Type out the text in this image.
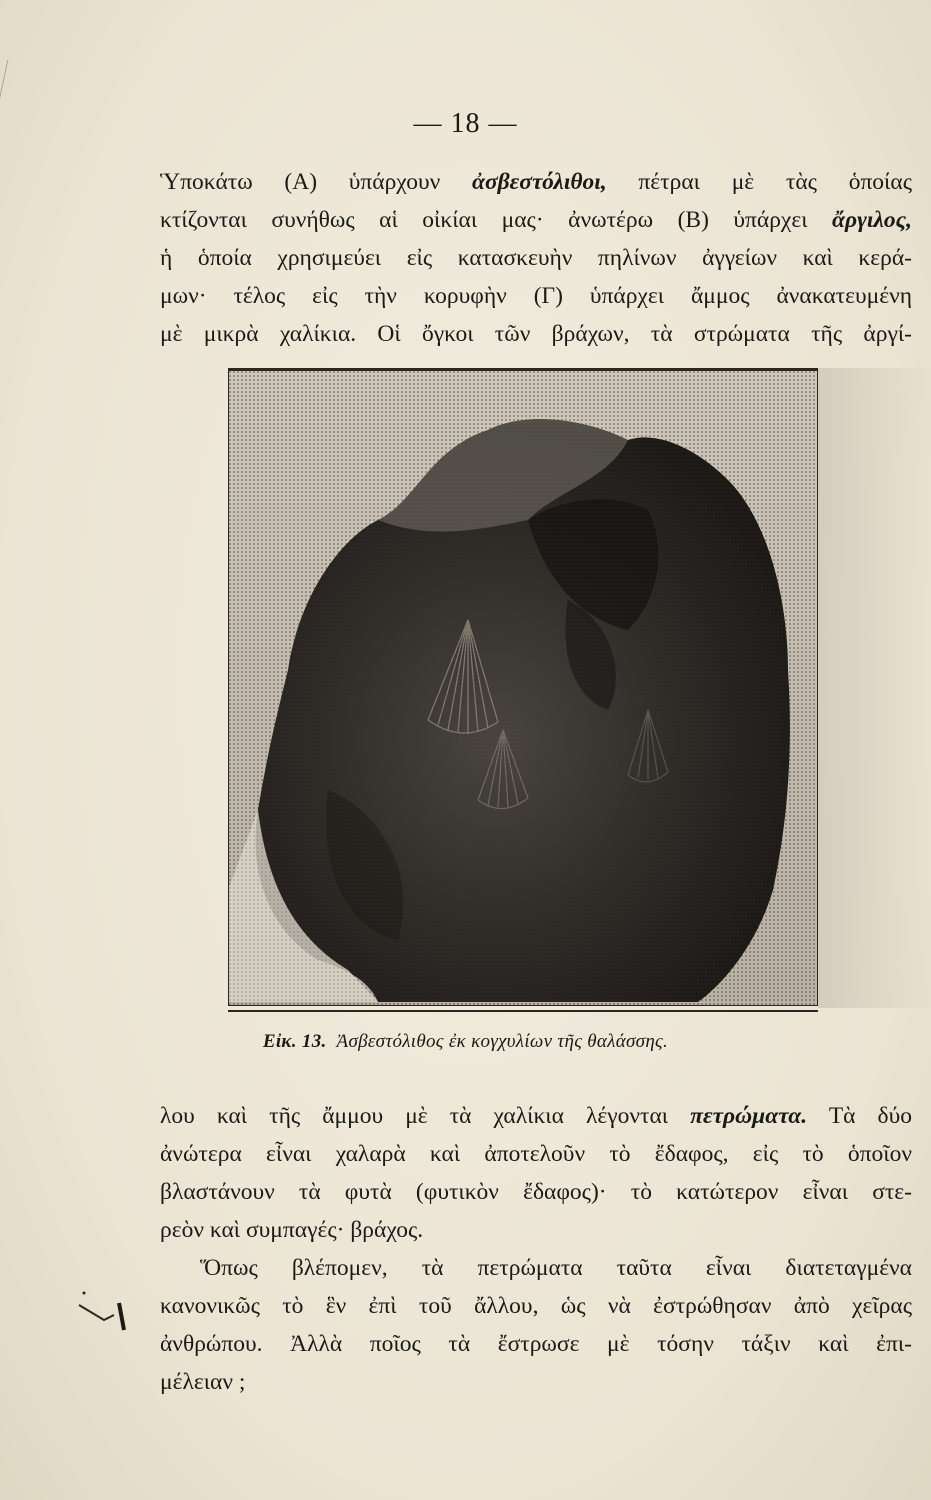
— 18 —
Ὑποκάτω (Α) ὑπάρχουν ἀσβεστόλιθοι, πέτραι μὲ τὰς ὁποίας
κτίζονται συνήθως αἱ οἰκίαι μας· ἀνωτέρω (Β) ὑπάρχει ἄργιλος,
ἡ ὁποία χρησιμεύει εἰς κατασκευὴν πηλίνων ἀγγείων καὶ κερά-
μων· τέλος εἰς τὴν κορυφὴν (Γ) ὑπάρχει ἄμμος ἀνακατευμένη
μὲ μικρὰ χαλίκια. Οἱ ὄγκοι τῶν βράχων, τὰ στρώματα τῆς ἀργί-
Εἰκ. 13. Ἀσβεστόλιθος ἐκ κογχυλίων τῆς θαλάσσης.
λου καὶ τῆς ἄμμου μὲ τὰ χαλίκια λέγονται πετρώματα. Τὰ δύο
ἀνώτερα εἶναι χαλαρὰ καὶ ἀποτελοῦν τὸ ἔδαφος, εἰς τὸ ὁποῖον
βλαστάνουν τὰ φυτὰ (φυτικὸν ἔδαφος)· τὸ κατώτερον εἶναι στε-
ρεὸν καὶ συμπαγές· βράχος.
Ὅπως βλέπομεν, τὰ πετρώματα ταῦτα εἶναι διατεταγμένα
κανονικῶς τὸ ἓν ἐπὶ τοῦ ἄλλου, ὡς νὰ ἐστρώθησαν ἀπὸ χεῖρας
ἀνθρώπου. Ἀλλὰ ποῖος τὰ ἔστρωσε μὲ τόσην τάξιν καὶ ἐπι-
μέλειαν ;
